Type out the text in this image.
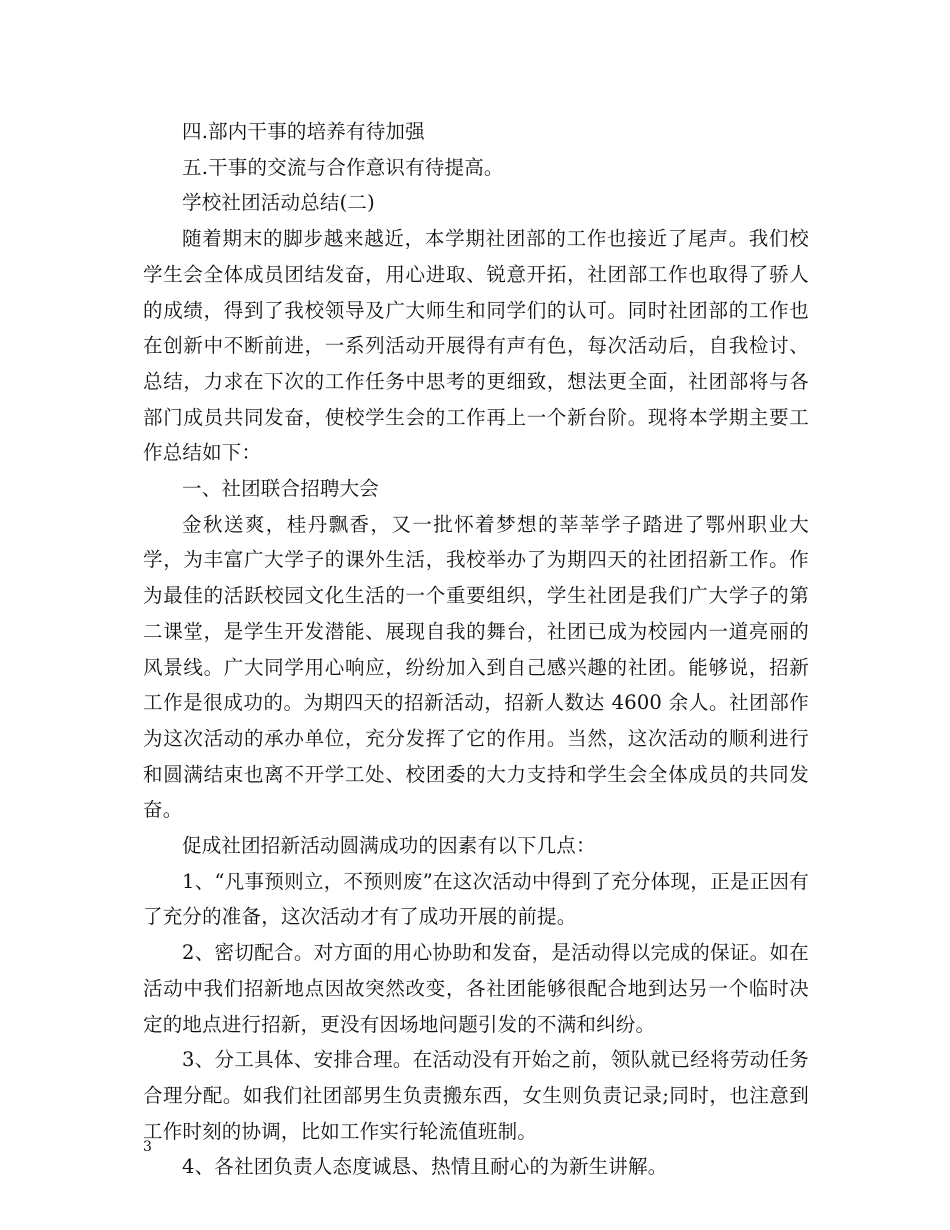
四.部内干事的培养有待加强

五.干事的交流与合作意识有待提高。

学校社团活动总结(二)

随着期末的脚步越来越近，本学期社团部的工作也接近了尾声。我们校学生会全体成员团结发奋，用心进取、锐意开拓，社团部工作也取得了骄人的成绩，得到了我校领导及广大师生和同学们的认可。同时社团部的工作也在创新中不断前进，一系列活动开展得有声有色，每次活动后，自我检讨、总结，力求在下次的工作任务中思考的更细致，想法更全面，社团部将与各部门成员共同发奋，使校学生会的工作再上一个新台阶。现将本学期主要工作总结如下：

一、社团联合招聘大会

金秋送爽，桂丹飘香，又一批怀着梦想的莘莘学子踏进了鄂州职业大学，为丰富广大学子的课外生活，我校举办了为期四天的社团招新工作。作为最佳的活跃校园文化生活的一个重要组织，学生社团是我们广大学子的第二课堂，是学生开发潜能、展现自我的舞台，社团已成为校园内一道亮丽的风景线。广大同学用心响应，纷纷加入到自己感兴趣的社团。能够说，招新工作是很成功的。为期四天的招新活动，招新人数达 4600 余人。社团部作为这次活动的承办单位，充分发挥了它的作用。当然，这次活动的顺利进行和圆满结束也离不开学工处、校团委的大力支持和学生会全体成员的共同发奋。

促成社团招新活动圆满成功的因素有以下几点：

1、“凡事预则立，不预则废”在这次活动中得到了充分体现，正是正因有了充分的准备，这次活动才有了成功开展的前提。

2、密切配合。对方面的用心协助和发奋，是活动得以完成的保证。如在活动中我们招新地点因故突然改变，各社团能够很配合地到达另一个临时决定的地点进行招新，更没有因场地问题引发的不满和纠纷。

3、分工具体、安排合理。在活动没有开始之前，领队就已经将劳动任务合理分配。如我们社团部男生负责搬东西，女生则负责记录;同时，也注意到工作时刻的协调，比如工作实行轮流值班制。

4、各社团负责人态度诚恳、热情且耐心的为新生讲解。

3
